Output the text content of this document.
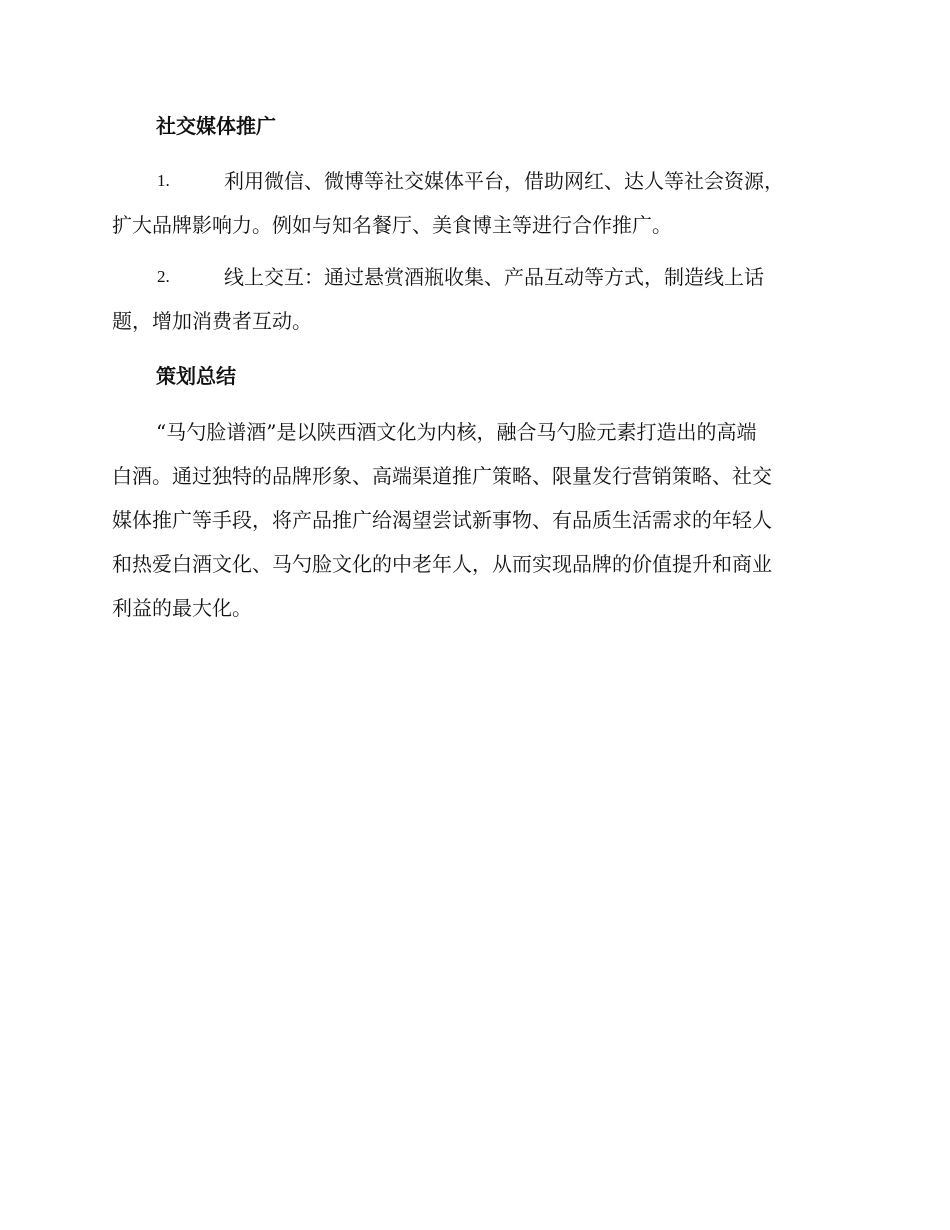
社交媒体推广
1.	利用微信、微博等社交媒体平台，借助网红、达人等社会资源，
扩大品牌影响力。例如与知名餐厅、美食博主等进行合作推广。
2.	线上交互：通过悬赏酒瓶收集、产品互动等方式，制造线上话
题，增加消费者互动。
策划总结
“马勺脸谱酒”是以陕西酒文化为内核，融合马勺脸元素打造出的高端
白酒。通过独特的品牌形象、高端渠道推广策略、限量发行营销策略、社交
媒体推广等手段，将产品推广给渴望尝试新事物、有品质生活需求的年轻人
和热爱白酒文化、马勺脸文化的中老年人，从而实现品牌的价值提升和商业
利益的最大化。
